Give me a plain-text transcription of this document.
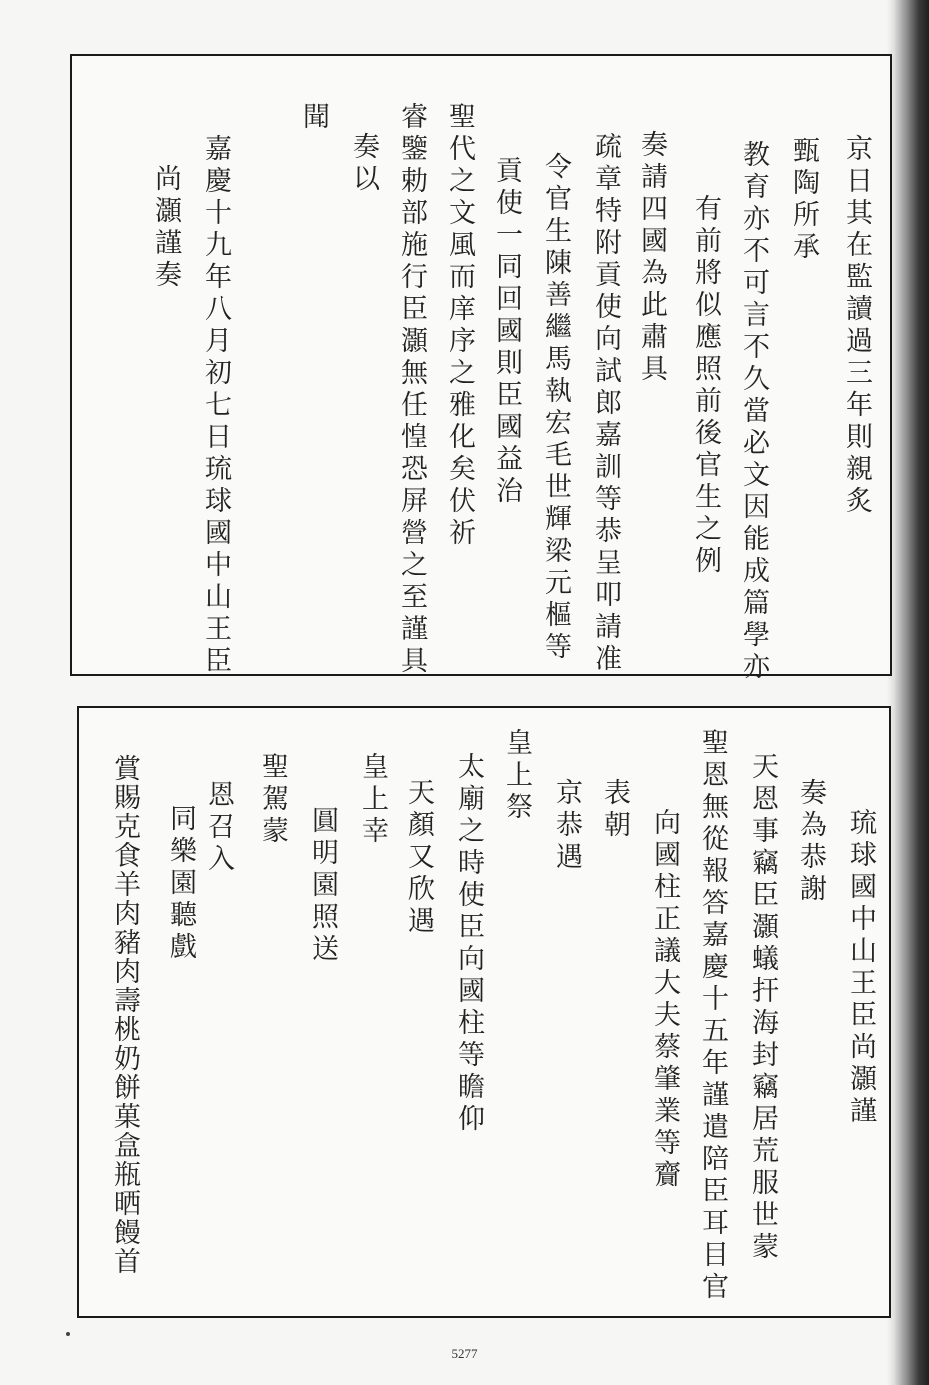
京日其在監讀過三年則親炙
甄陶所承
教育亦不可言不久當必文因能成篇學亦
有前將似應照前後官生之例
奏請四國為此肅具
疏章特附貢使向試郎嘉訓等恭呈叩請准
令官生陳善繼馬執宏毛世輝梁元樞等
貢使一同回國則臣國益治
聖代之文風而庠序之雅化矣伏祈
睿鑒勅部施行臣灝無任惶恐屏營之至謹具
奏以
聞
嘉慶十九年八月初七日琉球國中山王臣
尚灝謹奏
琉球國中山王臣尚灝謹
奏為恭謝
天恩事竊臣灝蟻扞海封竊居荒服世蒙
向國柱正議大夫蔡肇業等齎 聖恩無從報答嘉慶十五年謹遣陪臣耳目官
表朝
京恭遇
皇上祭
太廟之時使臣向國柱等瞻仰
天顏又欣遇
皇上幸
圓明園照送
聖駕蒙
恩召入
同樂園聽戲
賞賜克食羊肉豬肉壽桃奶餅菓盒瓶晒饅首
5277
